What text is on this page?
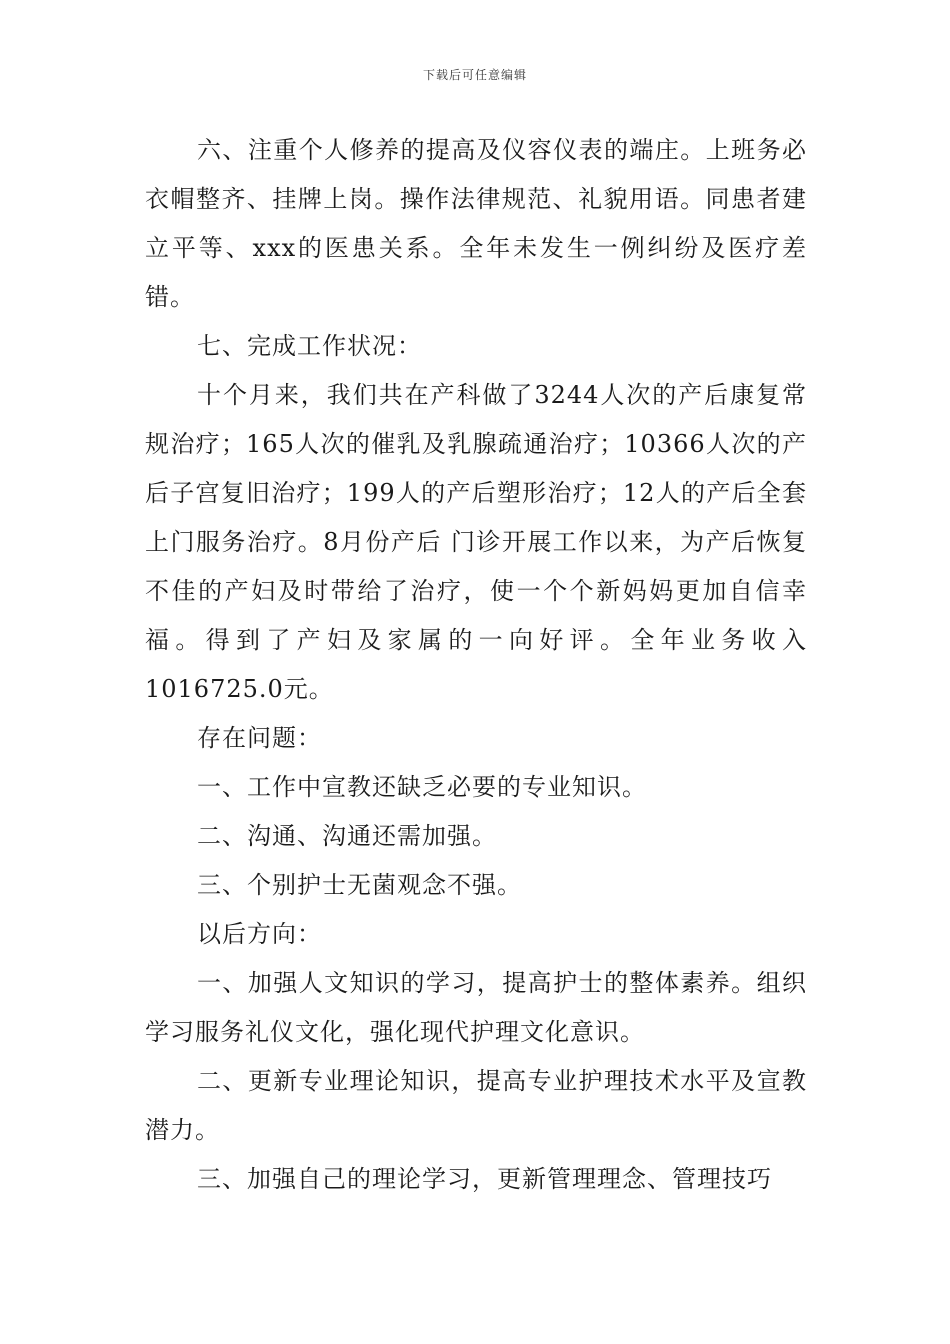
下载后可任意编辑

六、注重个人修养的提高及仪容仪表的端庄。上班务必衣帽整齐、挂牌上岗。操作法律规范、礼貌用语。同患者建立平等、xxx的医患关系。全年未发生一例纠纷及医疗差错。

七、完成工作状况：

十个月来，我们共在产科做了3244人次的产后康复常规治疗；165人次的催乳及乳腺疏通治疗；10366人次的产后子宫复旧治疗；199人的产后塑形治疗；12人的产后全套上门服务治疗。8月份产后 门诊开展工作以来，为产后恢复不佳的产妇及时带给了治疗，使一个个新妈妈更加自信幸福。得到了产妇及家属的一向好评。全年业务收入1016725.0元。

存在问题：

一、工作中宣教还缺乏必要的专业知识。

二、沟通、沟通还需加强。

三、个别护士无菌观念不强。

以后方向：

一、加强人文知识的学习，提高护士的整体素养。组织学习服务礼仪文化，强化现代护理文化意识。

二、更新专业理论知识，提高专业护理技术水平及宣教潜力。

三、加强自己的理论学习，更新管理理念、管理技巧
